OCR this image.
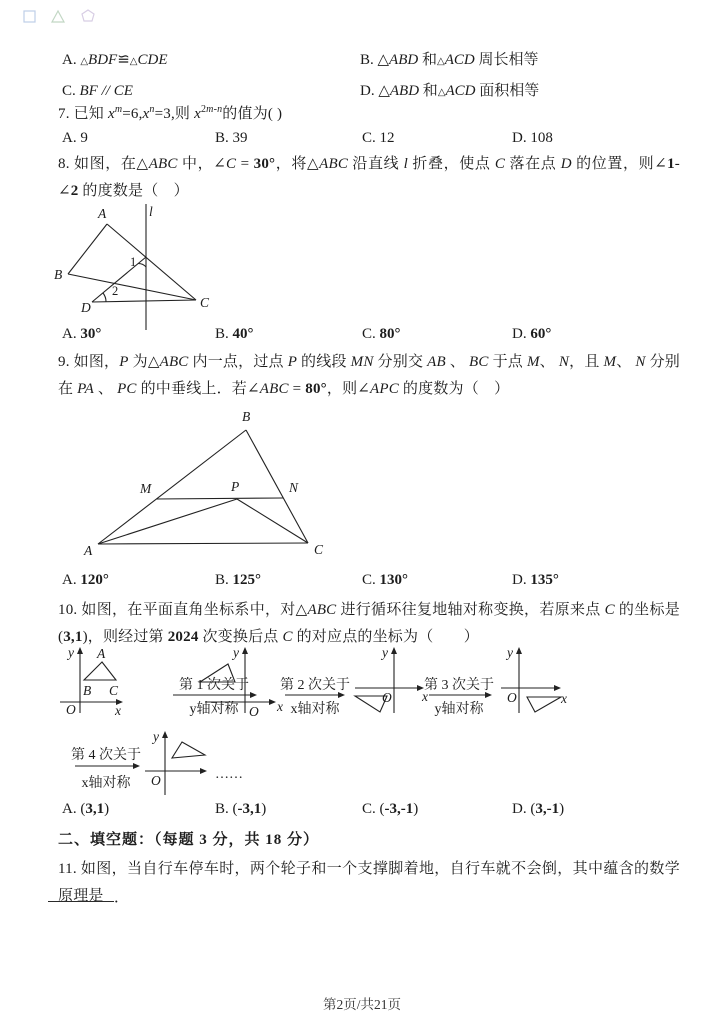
A. △BDF≌△CDE	B. △ABD 和△ACD 周长相等
C. BF // CE	D. △ABD 和△ACD 面积相等
7. 已知 $x^m=6,x^n=3$,则 $x^{2m-n}$的值为( )
A. 9	B. 39	C. 12	D. 108
8. 如图，在△ABC 中，∠C = 30°，将△ABC 沿直线 l 折叠，使点 C 落在点 D 的位置，则∠1-∠2 的度数是（　）
l
A
B
C
D
1
2
A. 30°	B. 40°	C. 80°	D. 60°
9. 如图，P 为△ABC 内一点，过点 P 的线段 MN 分别交 AB 、 BC 于点 M、 N，且 M、 N 分别在 PA 、 PC 的中垂线上．若∠ABC = 80°，则∠APC 的度数为（　）
B
A	C
M	N
P
A. 120°	B. 125°	C. 130°	D. 135°
10. 如图，在平面直角坐标系中，对△ABC 进行循环往复地轴对称变换，若原来点 C 的坐标是(3,1)，则经过第 2024 次变换后点 C 的对应点的坐标为（　　）
y
x
O
A
B C	第 1 次关于
y轴对称
y
x
O
第 2 次关于
x轴对称
y
x
O
第 3 次关于
y轴对称
y
x
O
第 4 次关于
x轴对称
y
O	……
A. (3,1)	B. (-3,1)	C. (-3,-1)	D. (3,-1)
二、填空题：（每题 3 分，共 18 分）
11. 如图，当自行车停车时，两个轮子和一个支撑脚着地，自行车就不会倒，其中蕴含的数学原理是 ．
第2页/共21页
